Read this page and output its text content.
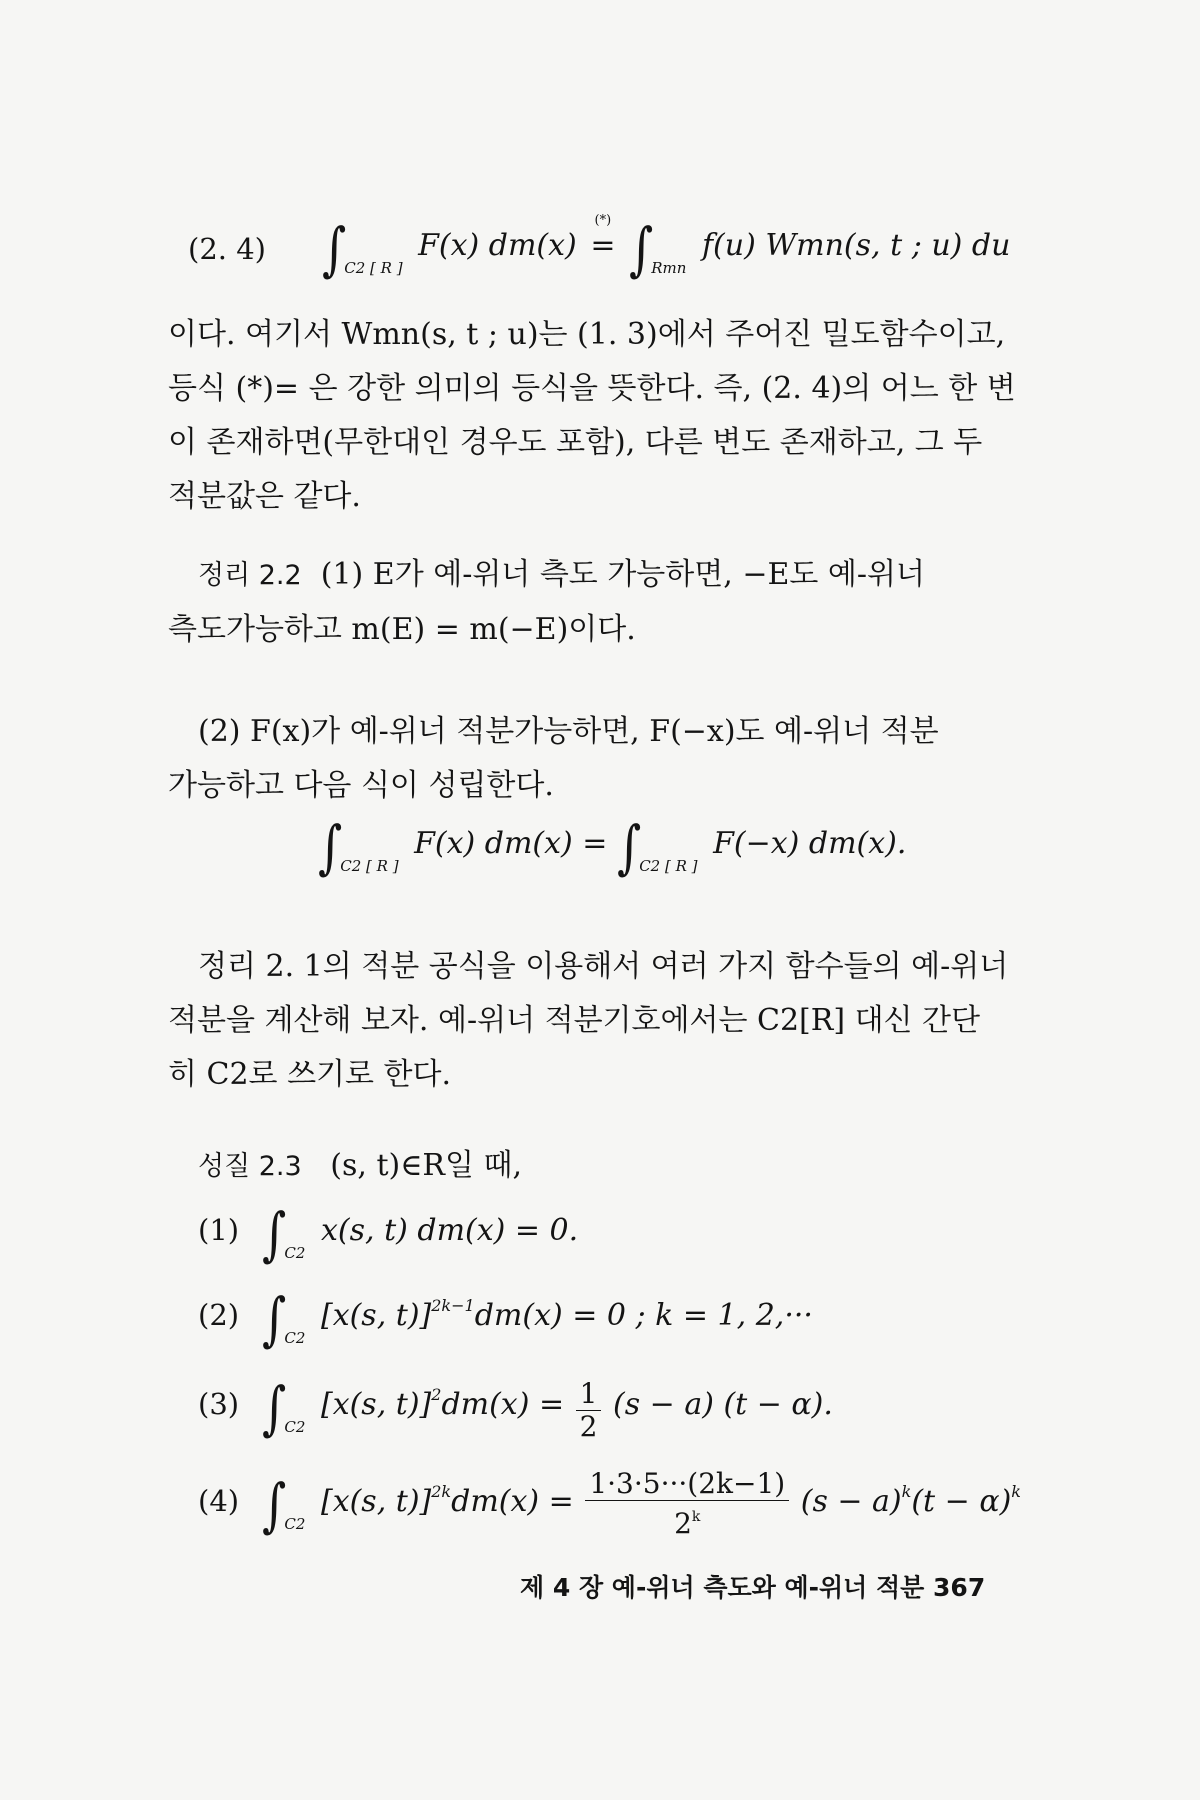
(2. 4) $\int_{C2 [ R ]}$ F(x) dm(x)
(*)
= $\int_{Rmn}$ f(u) Wmn(s, t ; u) du
이다. 여기서 Wmn(s, t ; u)는 (1. 3)에서 주어진 밀도함수이고,
등식 (*)= 은 강한 의미의 등식을 뜻한다. 즉, (2. 4)의 어느 한 변
이 존재하면(무한대인 경우도 포함), 다른 변도 존재하고, 그 두
적분값은 같다.
정리 2.2 (1) E가 예-위너 측도 가능하면, −E도 예-위너
측도가능하고 m(E) = m(−E)이다.
(2) F(x)가 예-위너 적분가능하면, F(−x)도 예-위너 적분
가능하고 다음 식이 성립한다.
$\int_{C2 [ R ]}$ F(x) $dm(x) = \int_{C2 [ R ]}$ F(−x) dm(x).
정리 2. 1의 적분 공식을 이용해서 여러 가지 함수들의 예-위너
적분을 계산해 보자. 예-위너 적분기호에서는 C2[R] 대신 간단
히 C2로 쓰기로 한다.
성질 2.3 (s, t)∈R일 때,
(1) $\int_{C2}$ x(s, t) dm(x) = 0.
(2) $\int_{C2}$ [x(s, t)]$^{2k-1}$dm(x) = 0 ; k = 1, 2,···
(3) $\int_{C2}$ [x(s, $t)]^2dm(x) = \frac{1}{2} (s - a) (t - \alpha)$.
(4) $\int_{C2}$ [x(s, $t)]^{2k}dm(x) = \frac{1\cdot 3\cdot 5\cdot\cdot\cdot(2k-1)}{2^k} (s - a)^k(t - \alpha)^k$
제 4 장 예-위너 측도와 예-위너 적분 367
